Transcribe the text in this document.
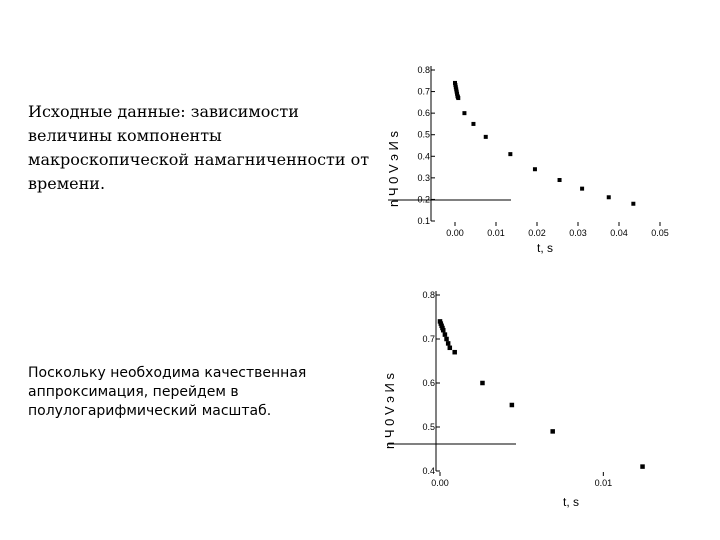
Исходные данные: зависимости величины компоненты макроскопической намагниченности от времени.
Поскольку необходима качественная аппроксимация, перейдем в полулогарифмический масштаб.
0.1
0.2
0.3
0.4
0.5
0.6
0.7
0.8
0.00	0.01	0.02	0.03	0.04	0.05
t, s
n Ч 0 V э И s
0.4
0.5
0.6
0.7
0.8
0.00	0.01
t, s
n Ч 0 V э И s
